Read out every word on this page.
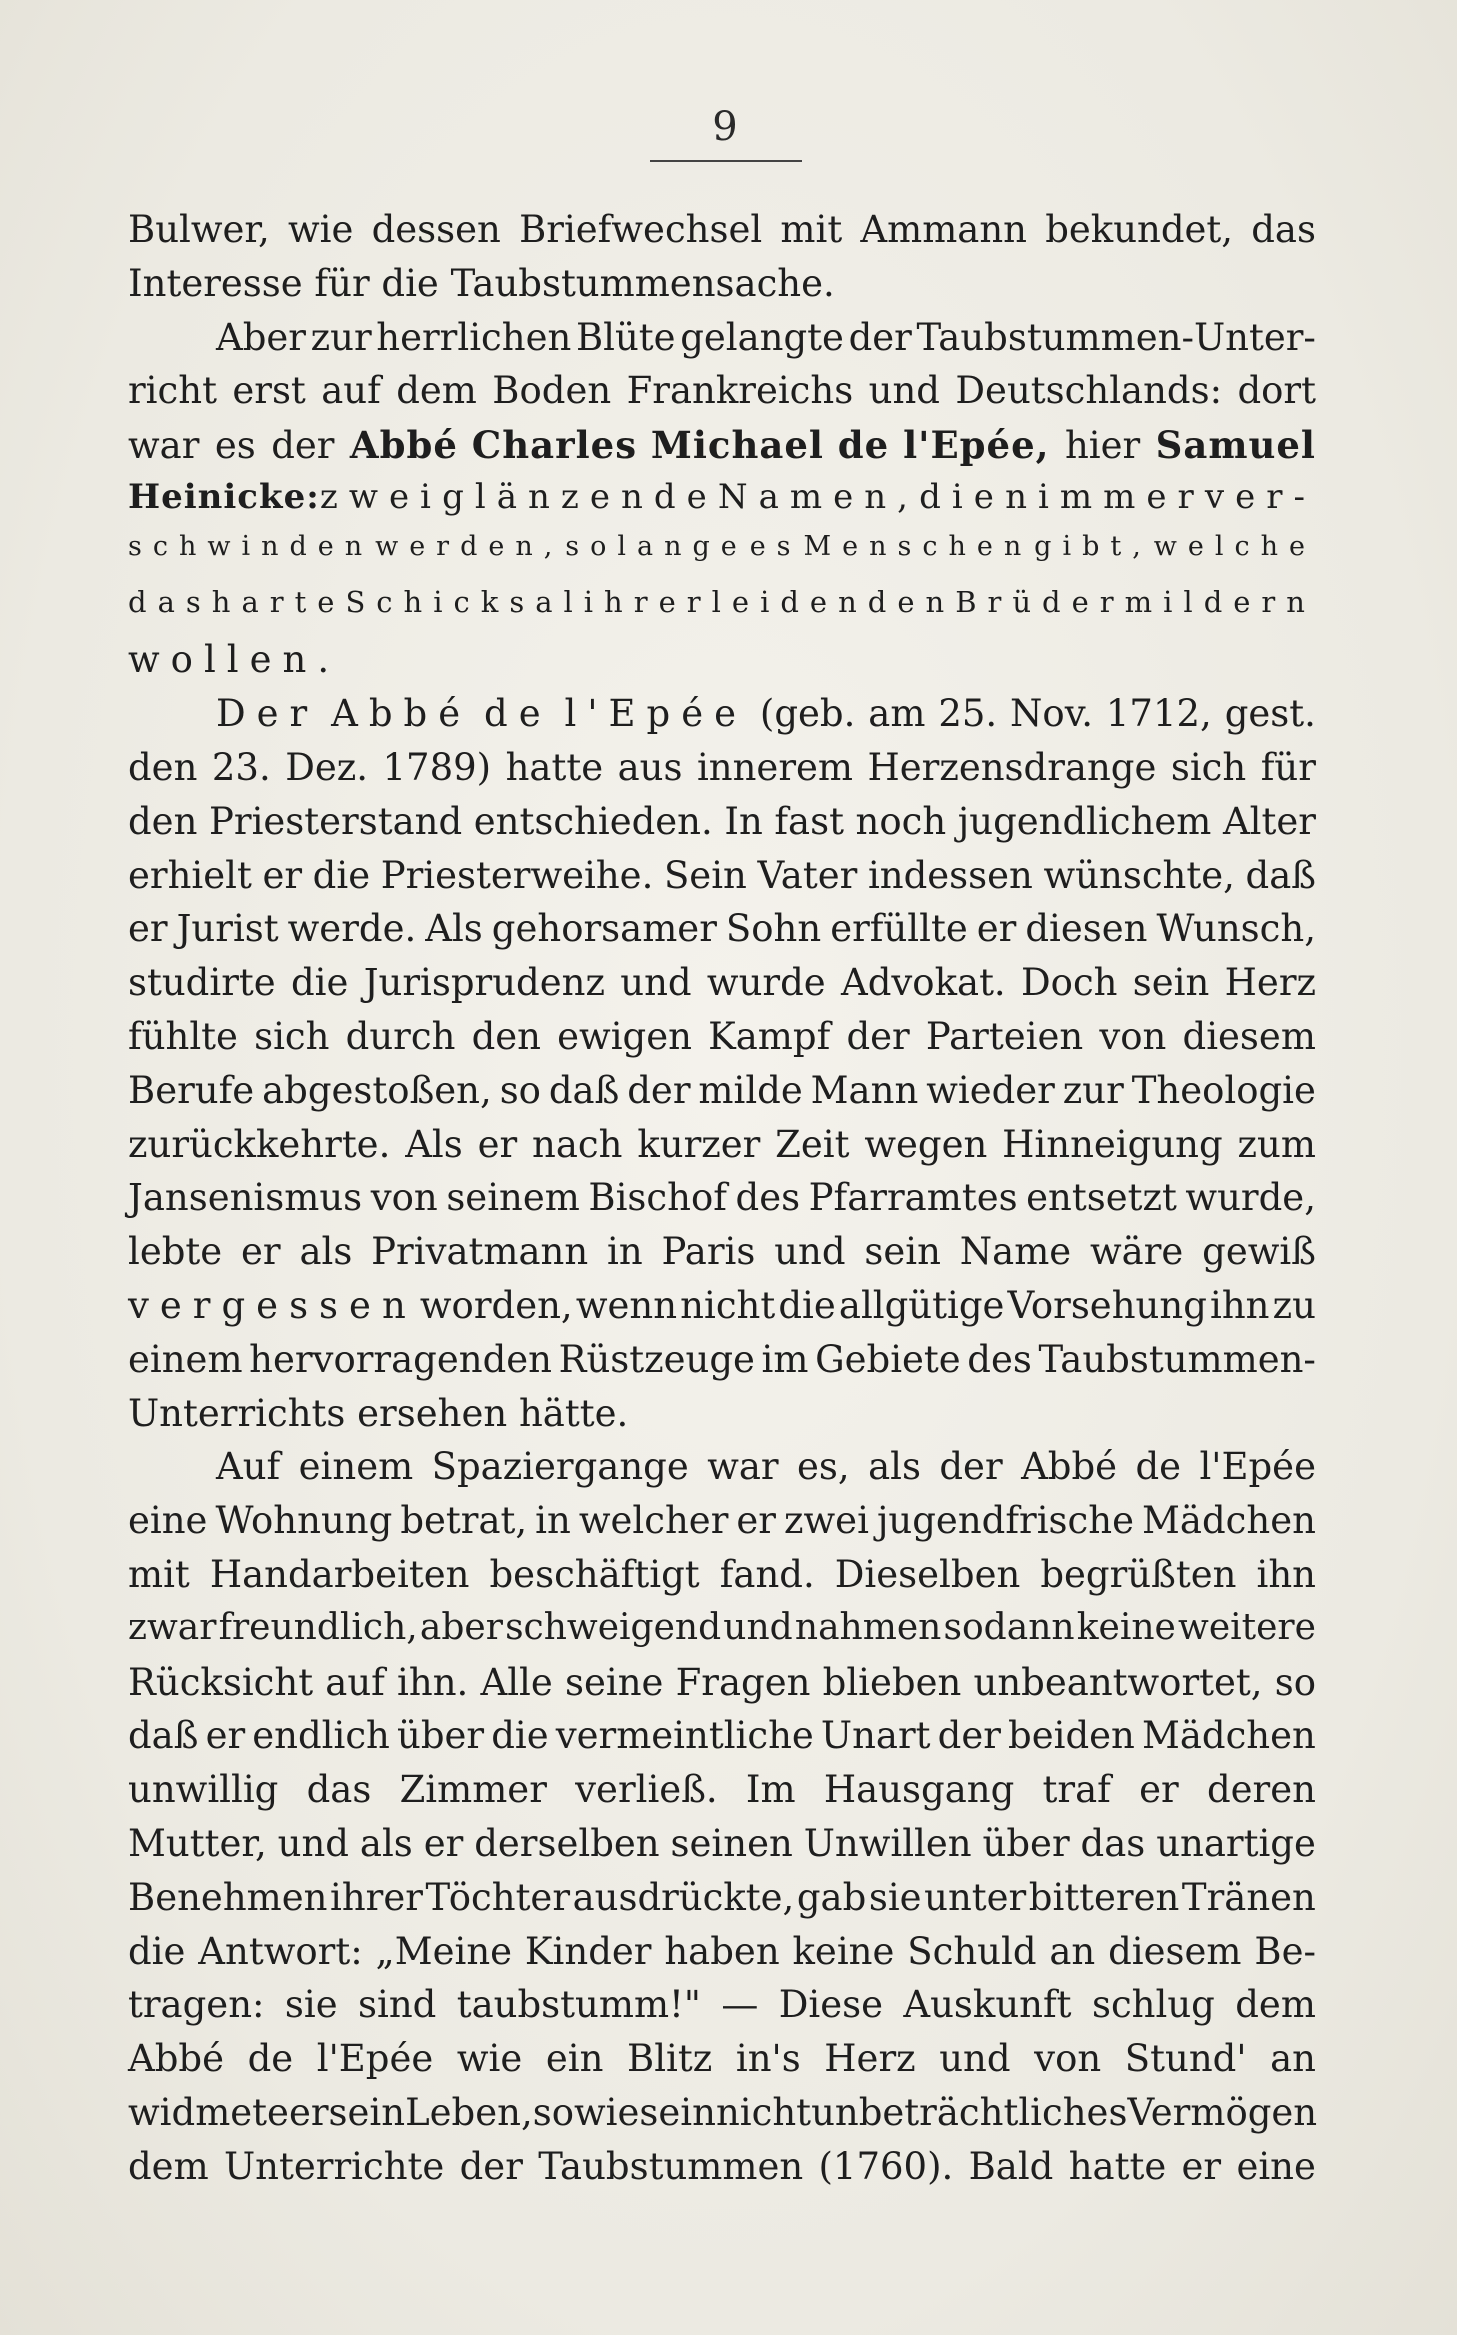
9
Bulwer, wie dessen Briefwechsel mit Ammann bekundet, das
Interesse für die Taubstummensache.
Aber zur herrlichen Blüte gelangte der Taubstummen-Unter-
richt erst auf dem Boden Frankreichs und Deutschlands: dort
war es der Abbé Charles Michael de l'Epée, hier Samuel
Heinicke: zwei glänzende Namen, die nimmer ver-
schwinden werden, solange es Menschen gibt, welche
das harte Schicksal ihrer leidenden Brüder mildern
wollen.
Der Abbé de l'Epée (geb. am 25. Nov. 1712, gest.
den 23. Dez. 1789) hatte aus innerem Herzensdrange sich für
den Priesterstand entschieden. In fast noch jugendlichem Alter
erhielt er die Priesterweihe. Sein Vater indessen wünschte, daß
er Jurist werde. Als gehorsamer Sohn erfüllte er diesen Wunsch,
studirte die Jurisprudenz und wurde Advokat. Doch sein Herz
fühlte sich durch den ewigen Kampf der Parteien von diesem
Berufe abgestoßen, so daß der milde Mann wieder zur Theologie
zurückkehrte. Als er nach kurzer Zeit wegen Hinneigung zum
Jansenismus von seinem Bischof des Pfarramtes entsetzt wurde,
lebte er als Privatmann in Paris und sein Name wäre gewiß
vergessen worden, wenn nicht die allgütige Vorsehung ihn zu
einem hervorragenden Rüstzeuge im Gebiete des Taubstummen-
Unterrichts ersehen hätte.
Auf einem Spaziergange war es, als der Abbé de l'Epée
eine Wohnung betrat, in welcher er zwei jugendfrische Mädchen
mit Handarbeiten beschäftigt fand. Dieselben begrüßten ihn
zwar freundlich, aber schweigend und nahmen sodann keine weitere
Rücksicht auf ihn. Alle seine Fragen blieben unbeantwortet, so
daß er endlich über die vermeintliche Unart der beiden Mädchen
unwillig das Zimmer verließ. Im Hausgang traf er deren
Mutter, und als er derselben seinen Unwillen über das unartige
Benehmen ihrer Töchter ausdrückte, gab sie unter bitteren Tränen
die Antwort: „Meine Kinder haben keine Schuld an diesem Be-
tragen: sie sind taubstumm!" — Diese Auskunft schlug dem
Abbé de l'Epée wie ein Blitz in's Herz und von Stund' an
widmete er sein Leben, sowie sein nicht unbeträchtliches Vermögen
dem Unterrichte der Taubstummen (1760). Bald hatte er eine
